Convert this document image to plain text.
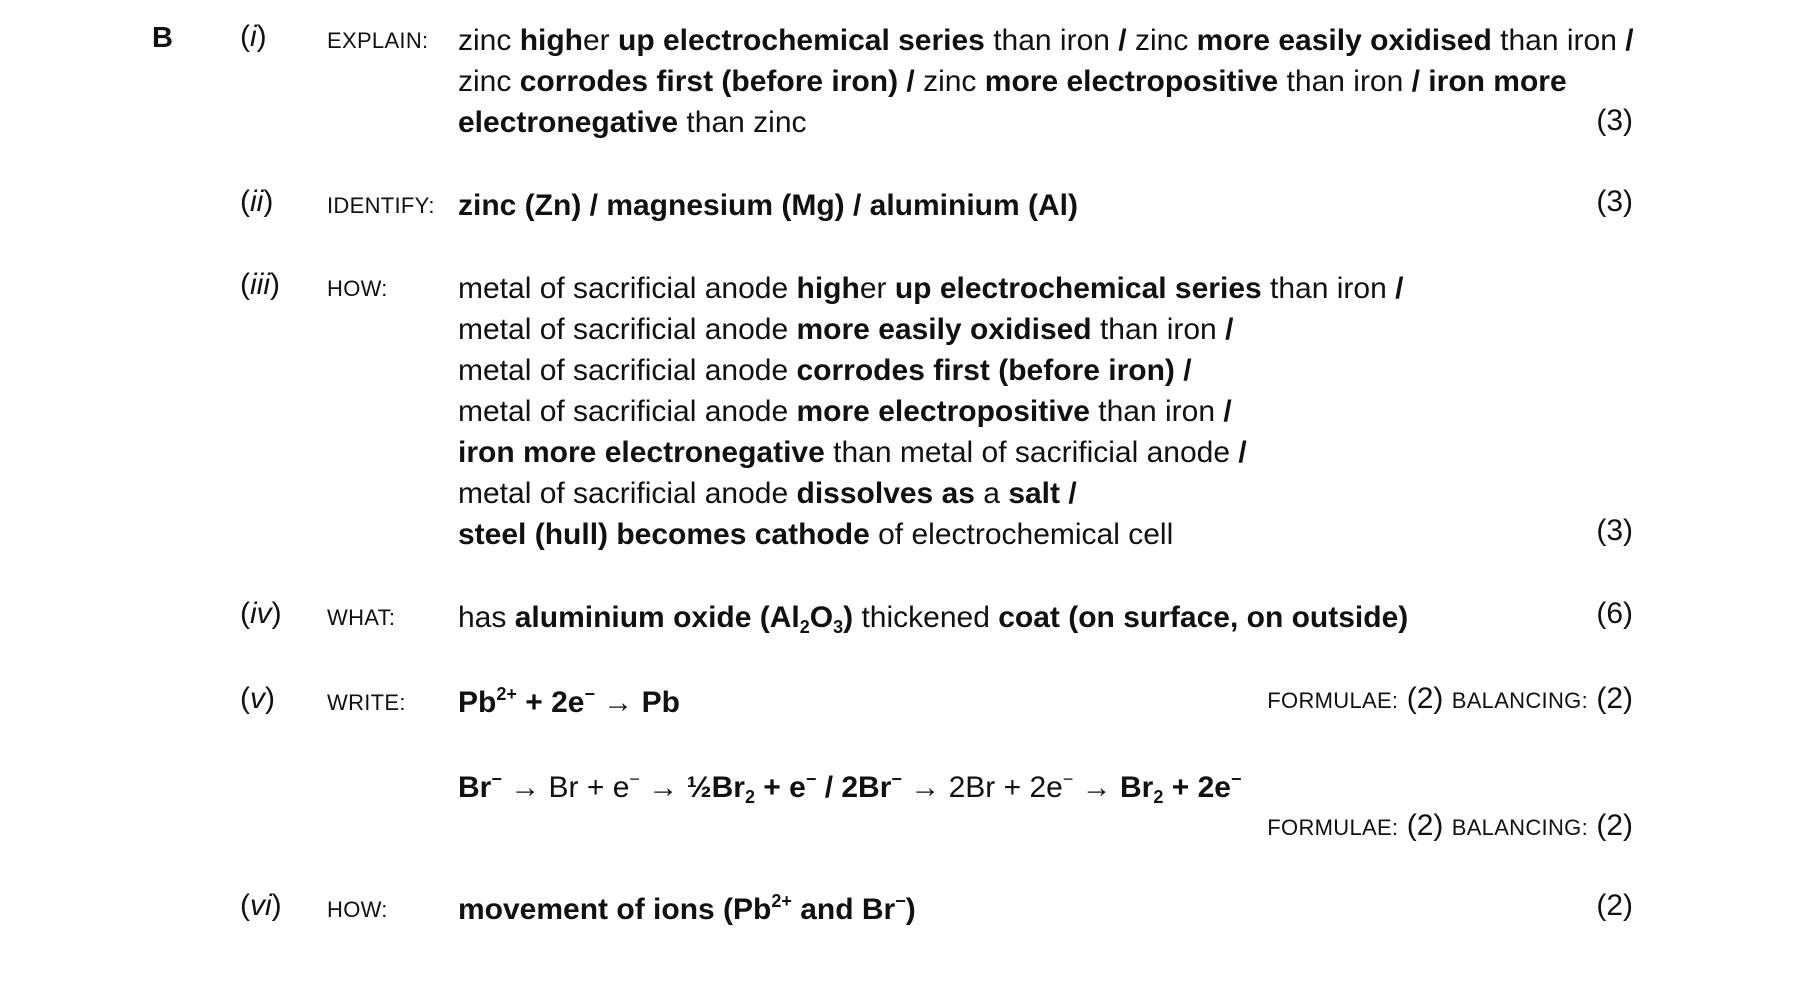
B (i)	EXPLAIN: zinc higher up electrochemical series than iron / zinc more easily oxidised than iron /
zinc corrodes first (before iron) / zinc more electropositive than iron / iron more
electronegative than zinc	(3)
(ii) IDENTIFY: zinc (Zn) / magnesium (Mg) / aluminium (Al)	(3)
(iii) HOW: metal of sacrificial anode higher up electrochemical series than iron /
metal of sacrificial anode more easily oxidised than iron /
metal of sacrificial anode corrodes first (before iron) /
metal of sacrificial anode more electropositive than iron /
iron more electronegative than metal of sacrificial anode /
metal of sacrificial anode dissolves as a salt /
steel (hull) becomes cathode of electrochemical cell	(3)
(iv) WHAT: has aluminium oxide $(Al_2O_3)$ thickened coat (on surface, on outside)	(6)
(v) WRITE: $Pb^{2+} + 2e^- \to Pb$	FORMULAE: (2) BALANCING: (2)
$Br^- \to Br + e^- \to \frac{1}{2}Br_2 + e^- / 2Br^- \to 2Br + 2e^- \to Br_2 + 2e^-$
FORMULAE: (2) BALANCING: (2)
(vi) HOW: movement of ions ($Pb^{2+}$ and Br−)	(2)
